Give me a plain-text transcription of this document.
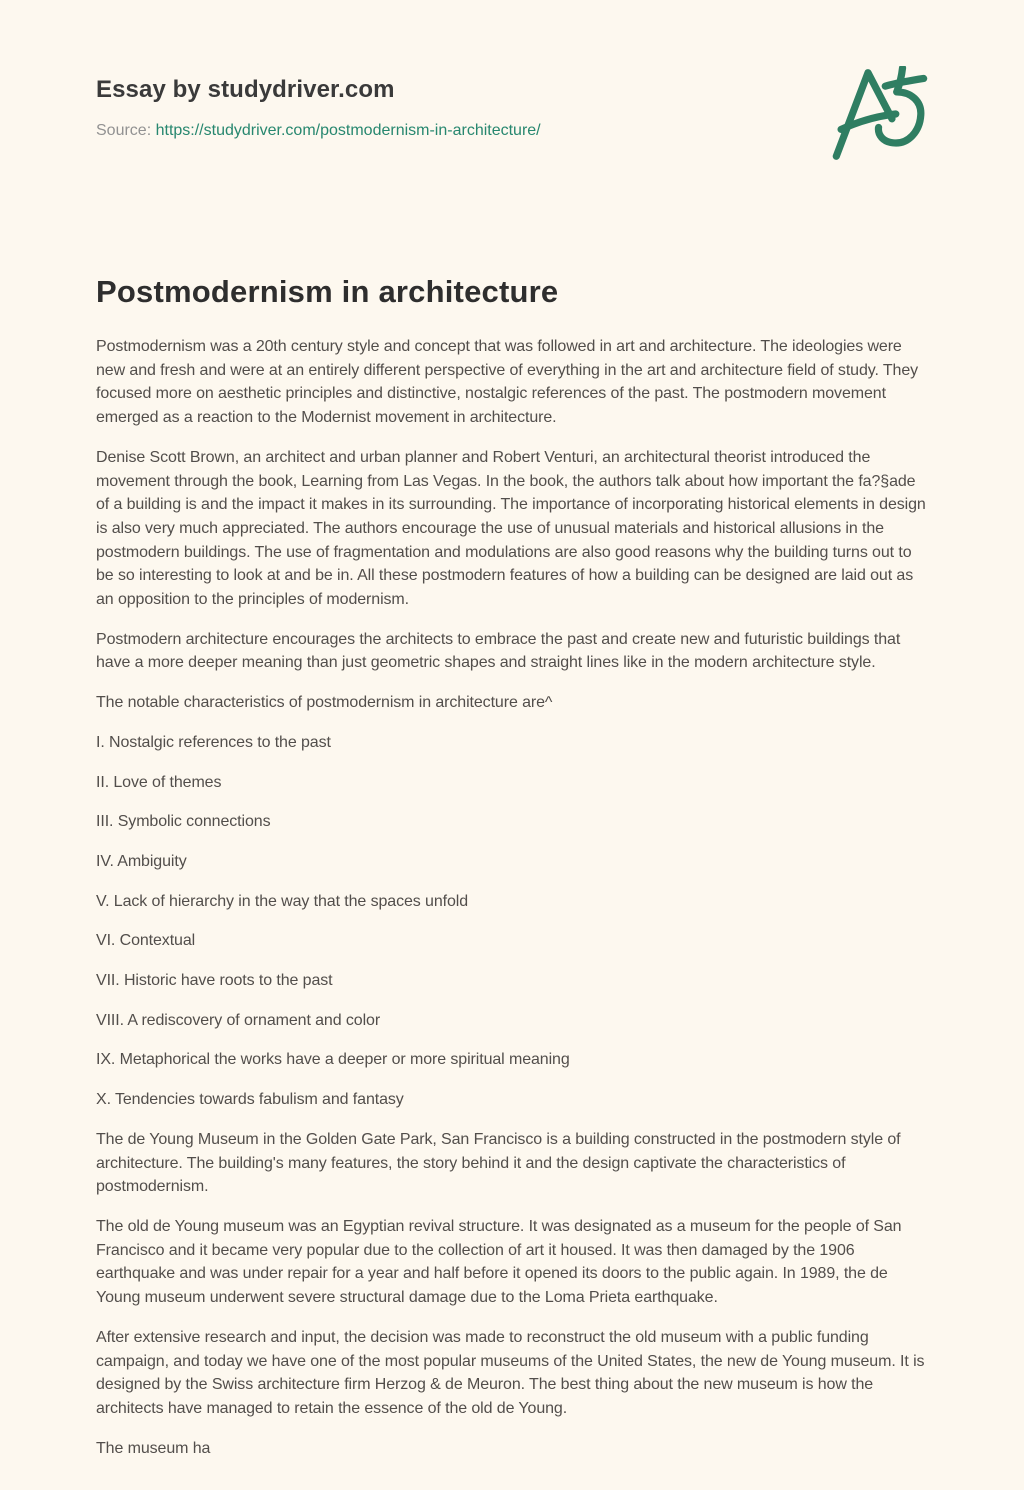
Essay by studydriver.com
Source: https://studydriver.com/postmodernism-in-architecture/
Postmodernism in architecture

Postmodernism was a 20th century style and concept that was followed in art and architecture. The ideologies were new and fresh and were at an entirely different perspective of everything in the art and architecture field of study. They focused more on aesthetic principles and distinctive, nostalgic references of the past. The postmodern movement emerged as a reaction to the Modernist movement in architecture.

Denise Scott Brown, an architect and urban planner and Robert Venturi, an architectural theorist introduced the movement through the book, Learning from Las Vegas. In the book, the authors talk about how important the fa?§ade of a building is and the impact it makes in its surrounding. The importance of incorporating historical elements in design is also very much appreciated. The authors encourage the use of unusual materials and historical allusions in the postmodern buildings. The use of fragmentation and modulations are also good reasons why the building turns out to be so interesting to look at and be in. All these postmodern features of how a building can be designed are laid out as an opposition to the principles of modernism.

Postmodern architecture encourages the architects to embrace the past and create new and futuristic buildings that have a more deeper meaning than just geometric shapes and straight lines like in the modern architecture style.

The notable characteristics of postmodernism in architecture are^

I. Nostalgic references to the past

II. Love of themes

III. Symbolic connections

IV. Ambiguity

V. Lack of hierarchy in the way that the spaces unfold

VI. Contextual

VII. Historic have roots to the past

VIII. A rediscovery of ornament and color

IX. Metaphorical the works have a deeper or more spiritual meaning

X. Tendencies towards fabulism and fantasy

The de Young Museum in the Golden Gate Park, San Francisco is a building constructed in the postmodern style of architecture. The building's many features, the story behind it and the design captivate the characteristics of postmodernism.

The old de Young museum was an Egyptian revival structure. It was designated as a museum for the people of San Francisco and it became very popular due to the collection of art it housed. It was then damaged by the 1906 earthquake and was under repair for a year and half before it opened its doors to the public again. In 1989, the de Young museum underwent severe structural damage due to the Loma Prieta earthquake.

After extensive research and input, the decision was made to reconstruct the old museum with a public funding campaign, and today we have one of the most popular museums of the United States, the new de Young museum. It is designed by the Swiss architecture firm Herzog & de Meuron. The best thing about the new museum is how the architects have managed to retain the essence of the old de Young.

The museum ha
